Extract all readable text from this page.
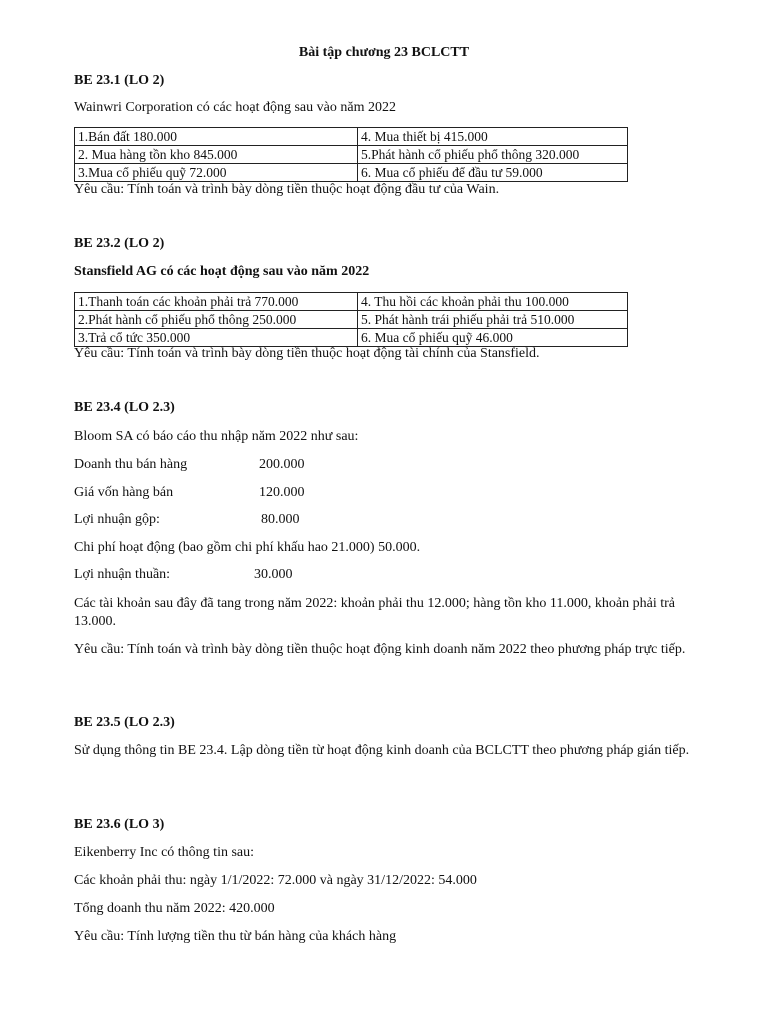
Bài tập chương 23 BCLCTT
BE 23.1 (LO 2)
Wainwri Corporation có các hoạt động sau vào năm 2022
1.Bán đất 180.000	4. Mua thiết bị 415.000
2. Mua hàng tồn kho 845.000	5.Phát hành cổ phiếu phổ thông 320.000
3.Mua cổ phiếu quỹ 72.000	6. Mua cổ phiếu để đầu tư 59.000
Yêu cầu: Tính toán và trình bày dòng tiền thuộc hoạt động đầu tư của Wain.
BE 23.2 (LO 2)
Stansfield AG có các hoạt động sau vào năm 2022
1.Thanh toán các khoản phải trả 770.000	4. Thu hồi các khoản phải thu 100.000
2.Phát hành cổ phiếu phổ thông 250.000	5. Phát hành trái phiếu phải trả 510.000
3.Trả cổ tức 350.000	6. Mua cổ phiếu quỹ 46.000
Yêu cầu: Tính toán và trình bày dòng tiền thuộc hoạt động tài chính của Stansfield.
BE 23.4 (LO 2.3)
Bloom SA có báo cáo thu nhập năm 2022 như sau:
Doanh thu bán hàng	200.000
Giá vốn hàng bán	120.000
Lợi nhuận gộp:	80.000
Chi phí hoạt động (bao gồm chi phí khấu hao 21.000) 50.000.
Lợi nhuận thuần:	30.000
Các tài khoản sau đây đã tang trong năm 2022: khoản phải thu 12.000; hàng tồn kho 11.000, khoản phải trả 13.000.
Yêu cầu: Tính toán và trình bày dòng tiền thuộc hoạt động kinh doanh năm 2022 theo phương pháp trực tiếp.
BE 23.5 (LO 2.3)
Sử dụng thông tin BE 23.4. Lập dòng tiền từ hoạt động kinh doanh của BCLCTT theo phương pháp gián tiếp.
BE 23.6 (LO 3)
Eikenberry Inc có thông tin sau:
Các khoản phải thu: ngày 1/1/2022: 72.000 và ngày 31/12/2022: 54.000
Tổng doanh thu năm 2022: 420.000
Yêu cầu: Tính lượng tiền thu từ bán hàng của khách hàng
